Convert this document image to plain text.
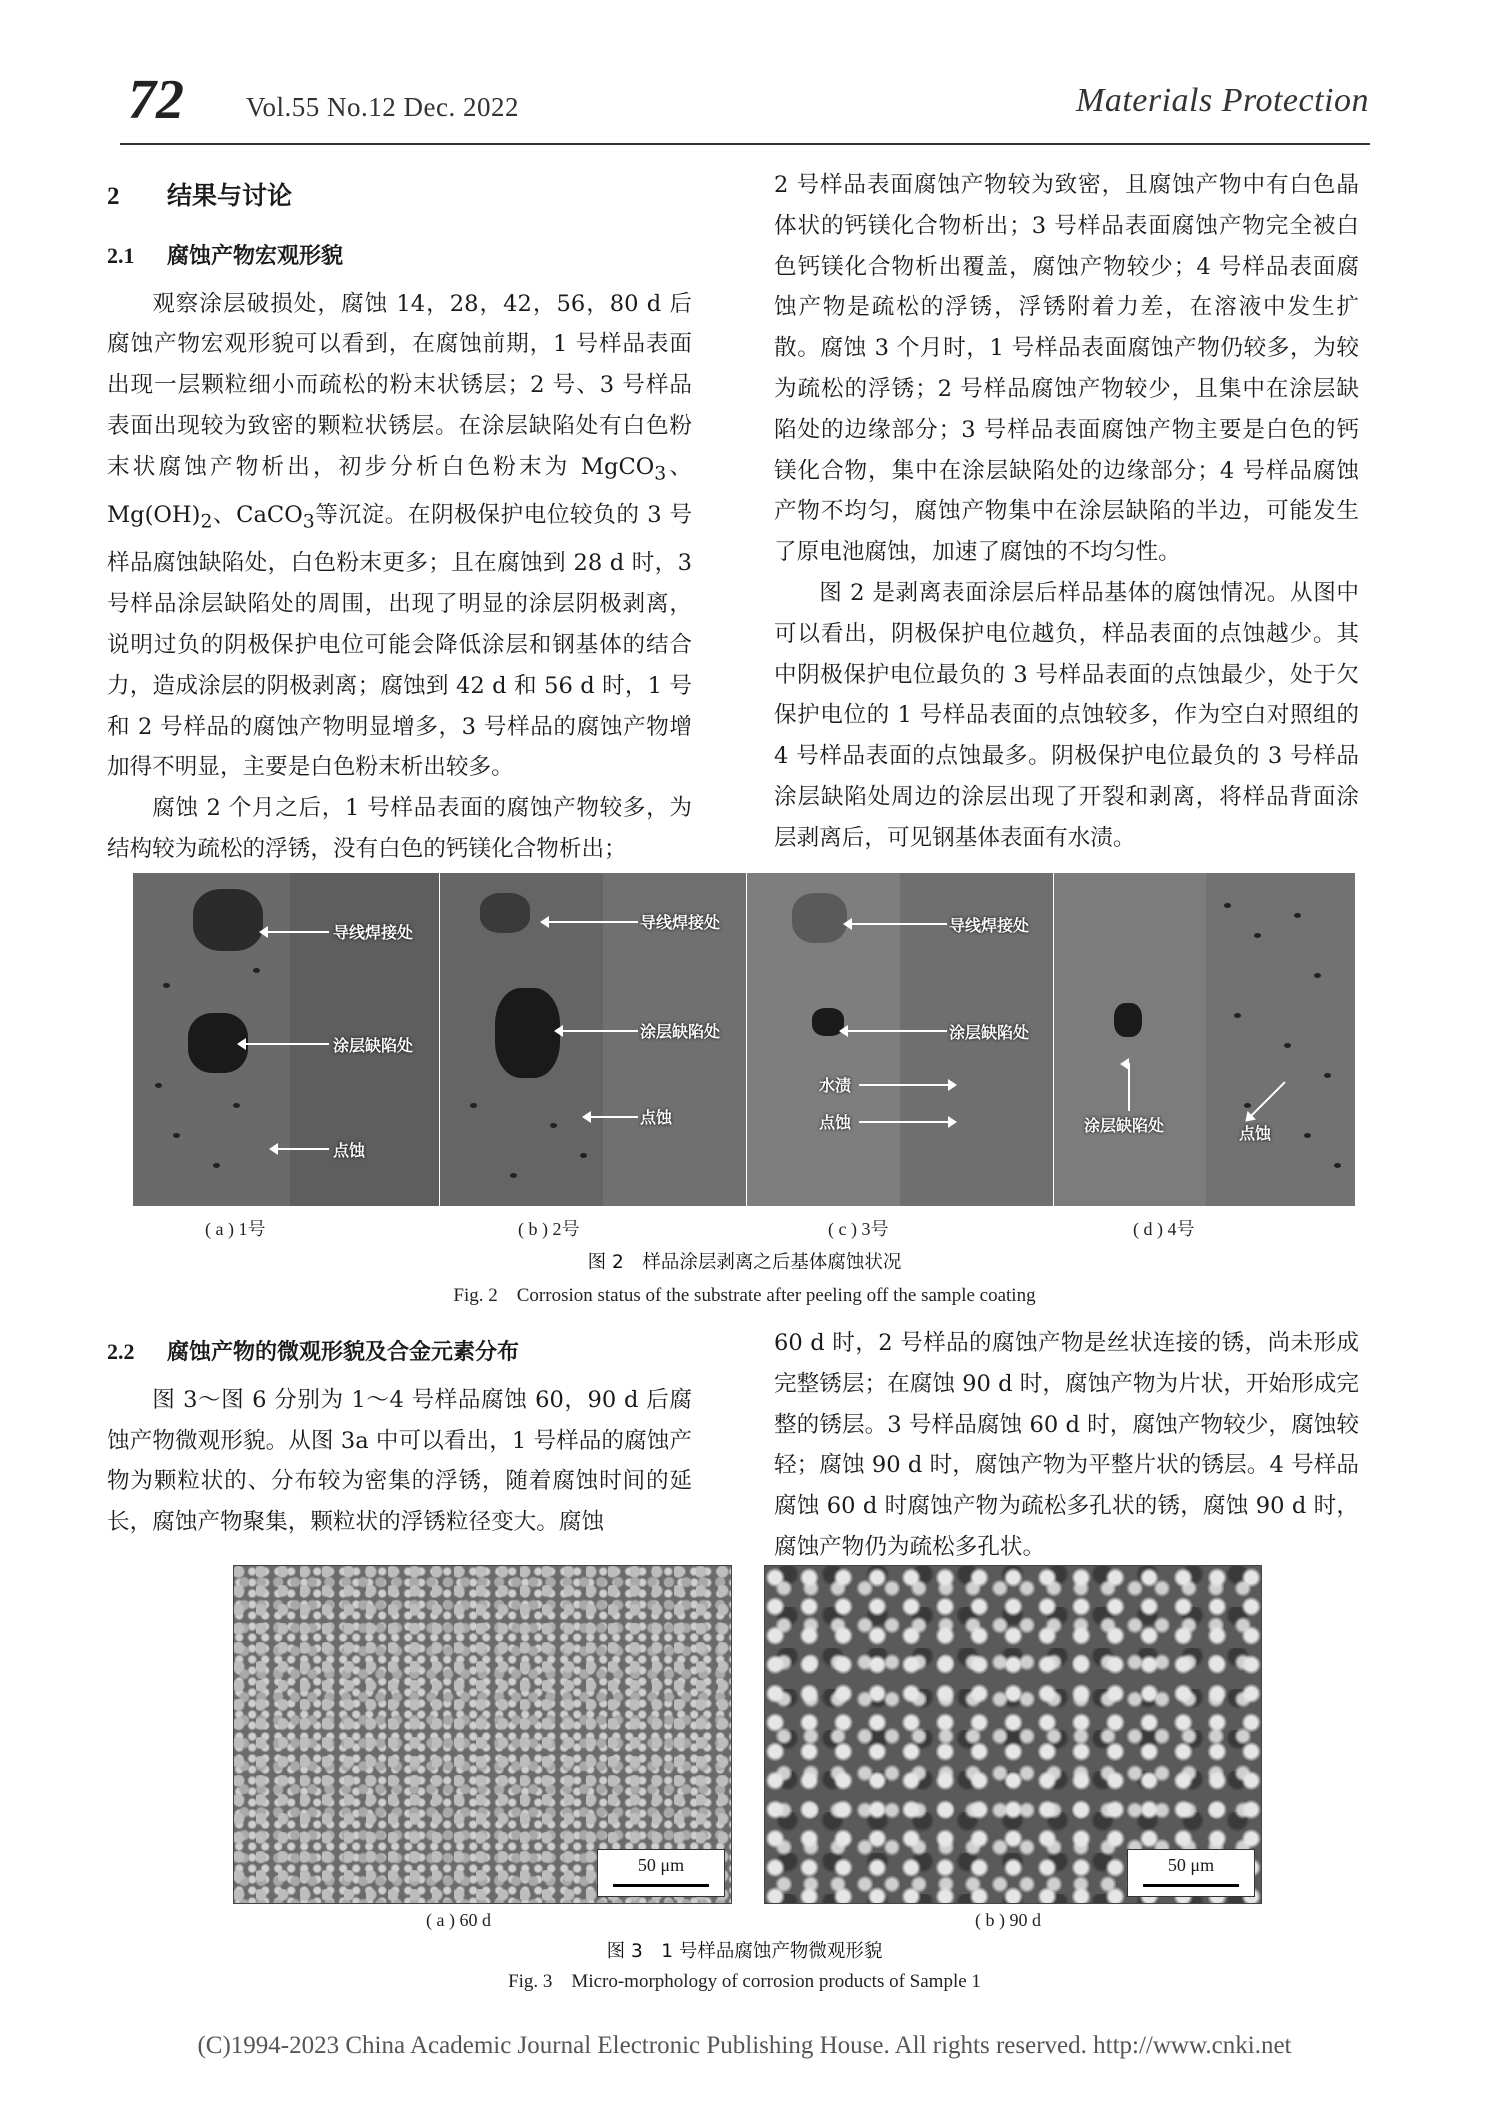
72 Vol.55 No.12 Dec. 2022	Materials Protection
2 结果与讨论
2.1 腐蚀产物宏观形貌

观察涂层破损处，腐蚀 14，28，42，56，80 d 后腐蚀产物宏观形貌可以看到，在腐蚀前期，1 号样品表面出现一层颗粒细小而疏松的粉末状锈层；2 号、3 号样品表面出现较为致密的颗粒状锈层。在涂层缺陷处有白色粉末状腐蚀产物析出，初步分析白色粉末为 MgCO$_3$、$Mg(OH)_2$、CaCO$_3$等沉淀。在阴极保护电位较负的 3 号样品腐蚀缺陷处，白色粉末更多；且在腐蚀到 28 d 时，3 号样品涂层缺陷处的周围，出现了明显的涂层阴极剥离，说明过负的阴极保护电位可能会降低涂层和钢基体的结合力，造成涂层的阴极剥离；腐蚀到 42 d 和 56 d 时，1 号和 2 号样品的腐蚀产物明显增多，3 号样品的腐蚀产物增加得不明显，主要是白色粉末析出较多。

腐蚀 2 个月之后，1 号样品表面的腐蚀产物较多，为结构较为疏松的浮锈，没有白色的钙镁化合物析出；

2 号样品表面腐蚀产物较为致密，且腐蚀产物中有白色晶体状的钙镁化合物析出；3 号样品表面腐蚀产物完全被白色钙镁化合物析出覆盖，腐蚀产物较少；4 号样品表面腐蚀产物是疏松的浮锈，浮锈附着力差，在溶液中发生扩散。腐蚀 3 个月时，1 号样品表面腐蚀产物仍较多，为较为疏松的浮锈；2 号样品腐蚀产物较少，且集中在涂层缺陷处的边缘部分；3 号样品表面腐蚀产物主要是白色的钙镁化合物，集中在涂层缺陷处的边缘部分；4 号样品腐蚀产物不均匀，腐蚀产物集中在涂层缺陷的半边，可能发生了原电池腐蚀，加速了腐蚀的不均匀性。

图 2 是剥离表面涂层后样品基体的腐蚀情况。从图中可以看出，阴极保护电位越负，样品表面的点蚀越少。其中阴极保护电位最负的 3 号样品表面的点蚀最少，处于欠保护电位的 1 号样品表面的点蚀较多，作为空白对照组的 4 号样品表面的点蚀最多。阴极保护电位最负的 3 号样品涂层缺陷处周边的涂层出现了开裂和剥离，将样品背面涂层剥离后，可见钢基体表面有水渍。

导线焊接处
涂层缺陷处
点蚀
导线焊接处
涂层缺陷处
点蚀
导线焊接处
涂层缺陷处
水渍
点蚀	涂层缺陷处	点蚀
( a ) 1号	( b ) 2号	( c ) 3号	( d ) 4号
图 2　样品涂层剥离之后基体腐蚀状况
Fig. 2　Corrosion status of the substrate after peeling off the sample coating
2.2 腐蚀产物的微观形貌及合金元素分布

图 3～图 6 分别为 1～4 号样品腐蚀 60，90 d 后腐蚀产物微观形貌。从图 3a 中可以看出，1 号样品的腐蚀产物为颗粒状的、分布较为密集的浮锈，随着腐蚀时间的延长，腐蚀产物聚集，颗粒状的浮锈粒径变大。腐蚀

60 d 时，2 号样品的腐蚀产物是丝状连接的锈，尚未形成完整锈层；在腐蚀 90 d 时，腐蚀产物为片状，开始形成完整的锈层。3 号样品腐蚀 60 d 时，腐蚀产物较少，腐蚀较轻；腐蚀 90 d 时，腐蚀产物为平整片状的锈层。4 号样品腐蚀 60 d 时腐蚀产物为疏松多孔状的锈，腐蚀 90 d 时，腐蚀产物仍为疏松多孔状。

50 μm	50 μm
( a ) 60 d	( b ) 90 d
图 3　1 号样品腐蚀产物微观形貌
Fig. 3　Micro-morphology of corrosion products of Sample 1
(C)1994-2023 China Academic Journal Electronic Publishing House. All rights reserved. http://www.cnki.net
